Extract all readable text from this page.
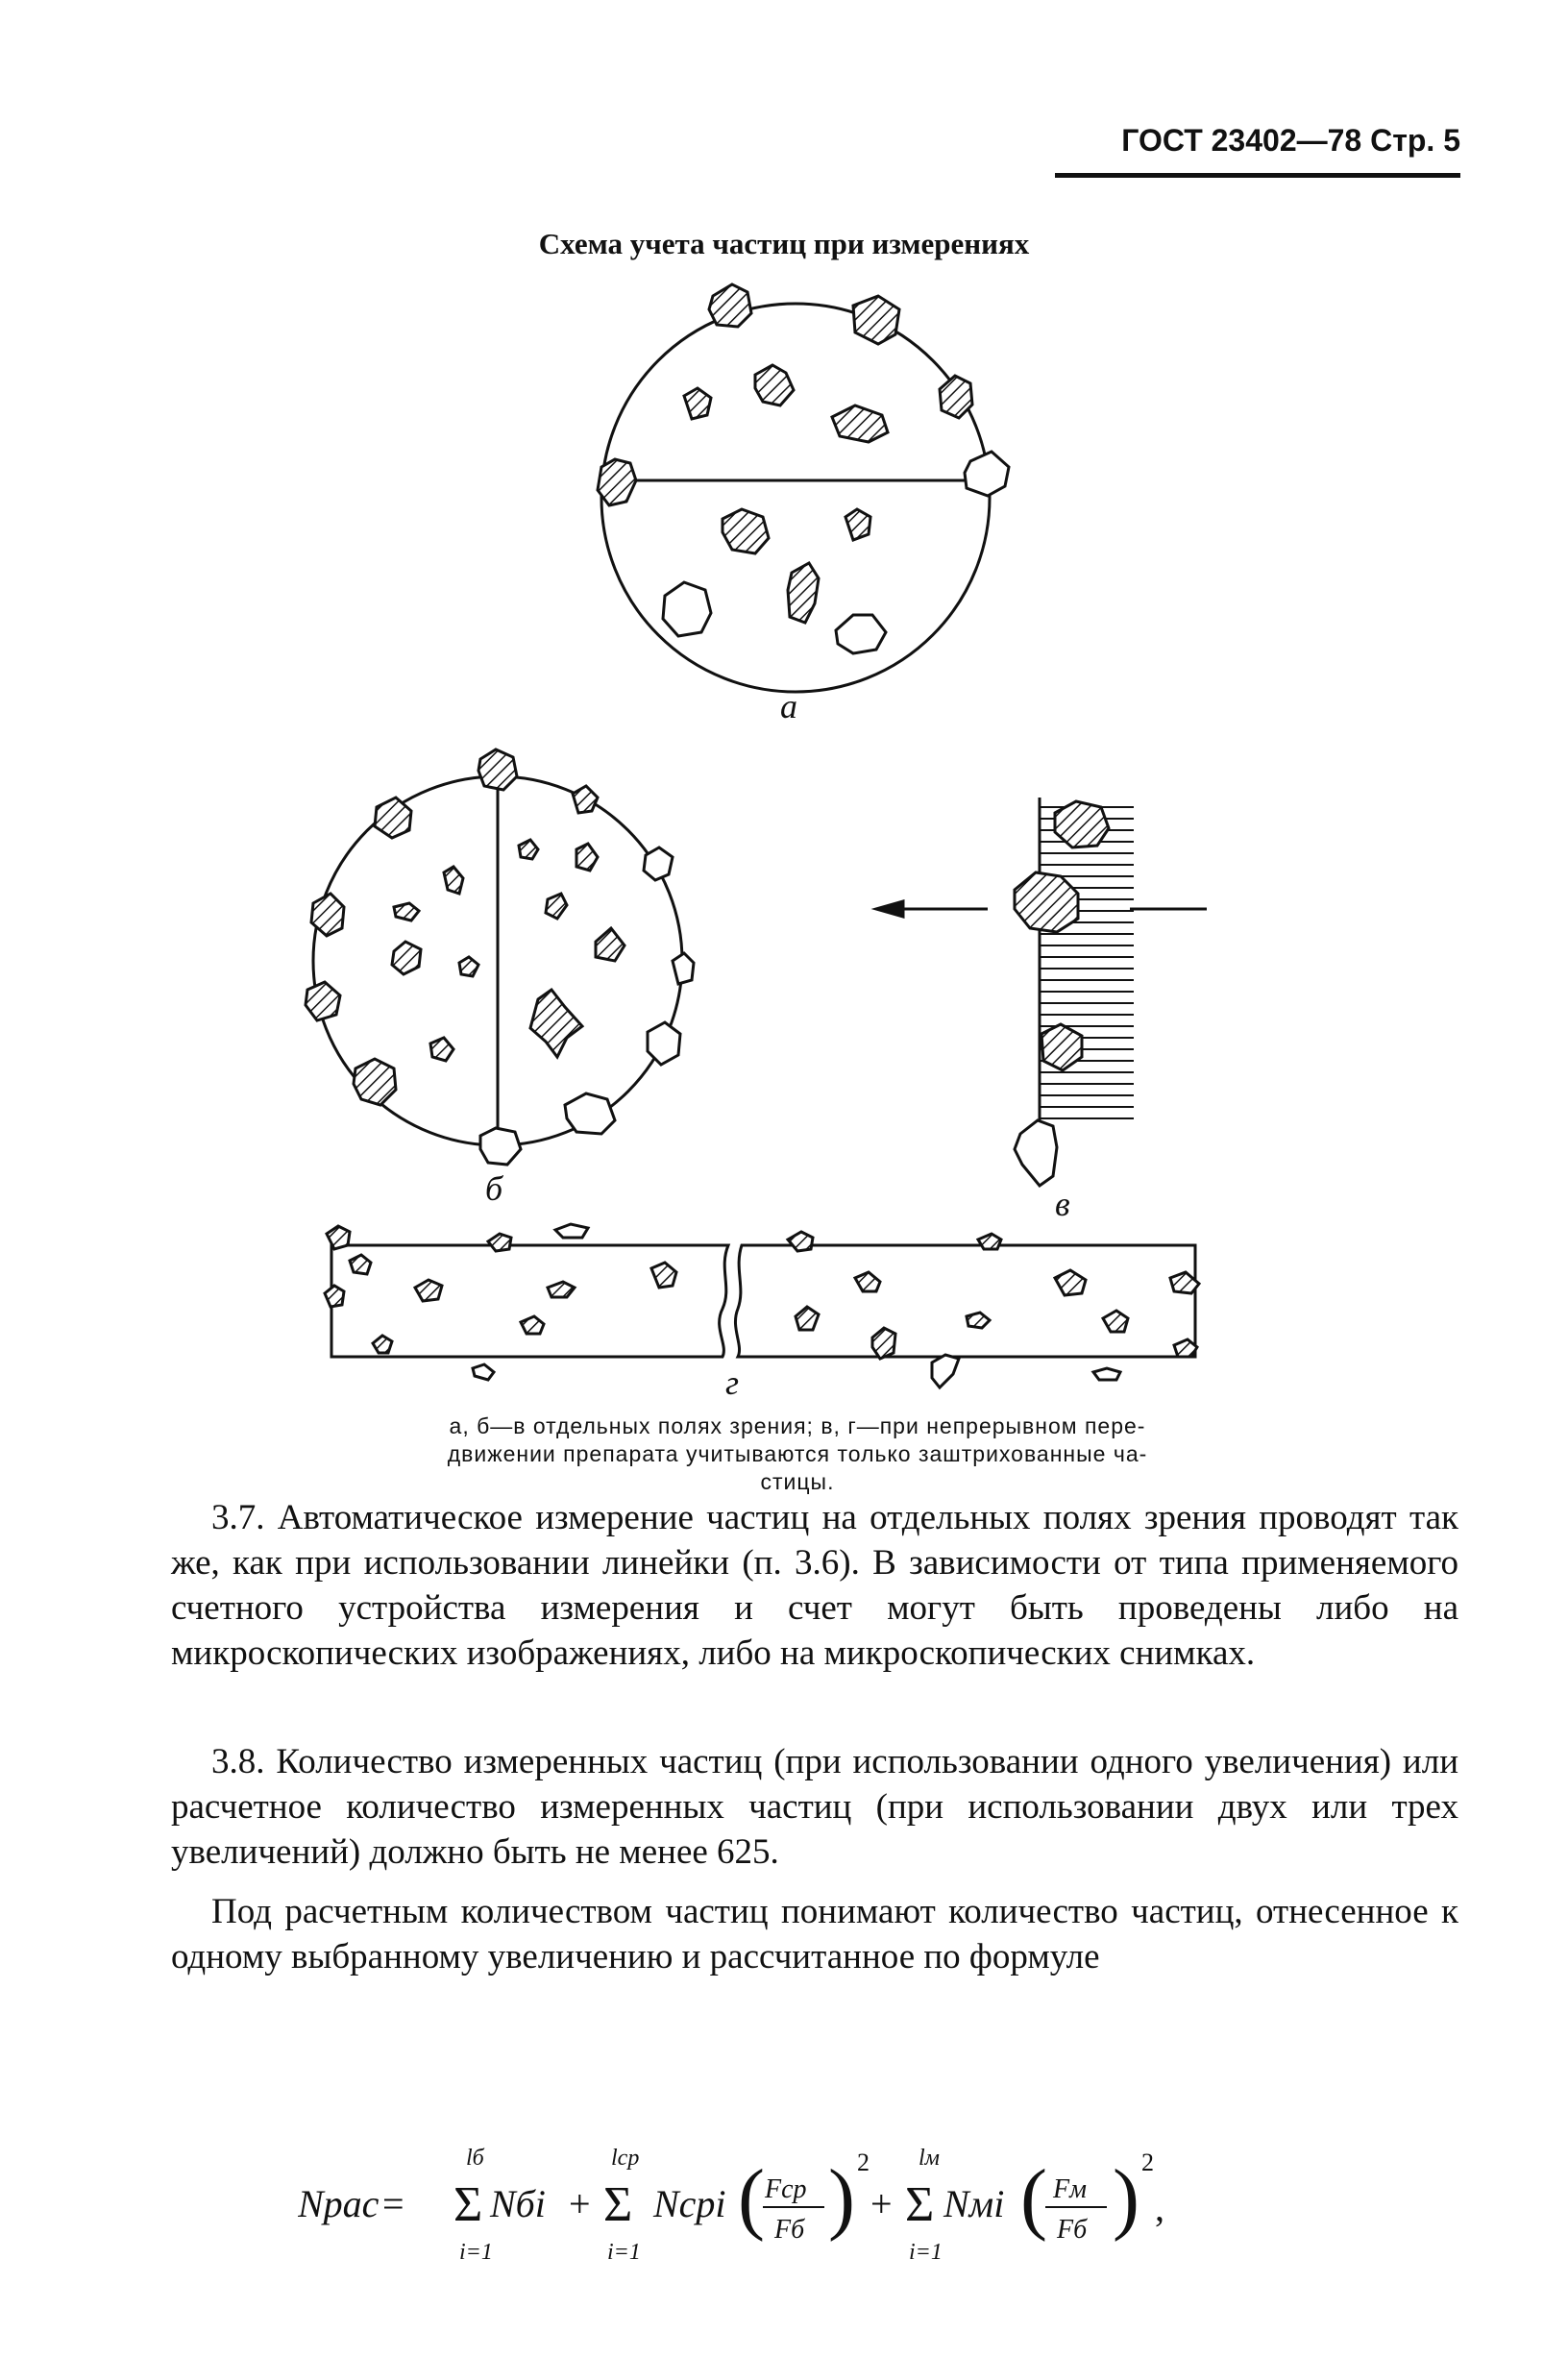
ГОСТ 23402—78 Стр. 5
Схема учета частиц при измерениях
а
б	в
г
а, б—в отдельных полях зрения; в, г—при непрерывном пере-
движении препарата учитываются только заштрихованные ча-
стицы.

3.7. Автоматическое измерение частиц на отдельных полях зрения проводят так же, как при использовании линейки (п. 3.6). В зависимости от типа применяемого счетного устройства измерения и счет могут быть проведены либо на микроскопических изображениях, либо на микроскопических снимках.

3.8. Количество измеренных частиц (при использовании одного увеличения) или расчетное количество измеренных частиц (при использовании двух или трех увеличений) должно быть не менее 625.

Под расчетным количеством частиц понимают количество частиц, отнесенное к одному выбранному увеличению и рассчитанное по формуле

Npac =
lб
Σ
i=1
Nбi +
lср
Σ
i=1
Nсрi ( Fср
Fб ) 2
+
lм
Σ
i=1
Nмi ( Fм
Fб ) 2
,
